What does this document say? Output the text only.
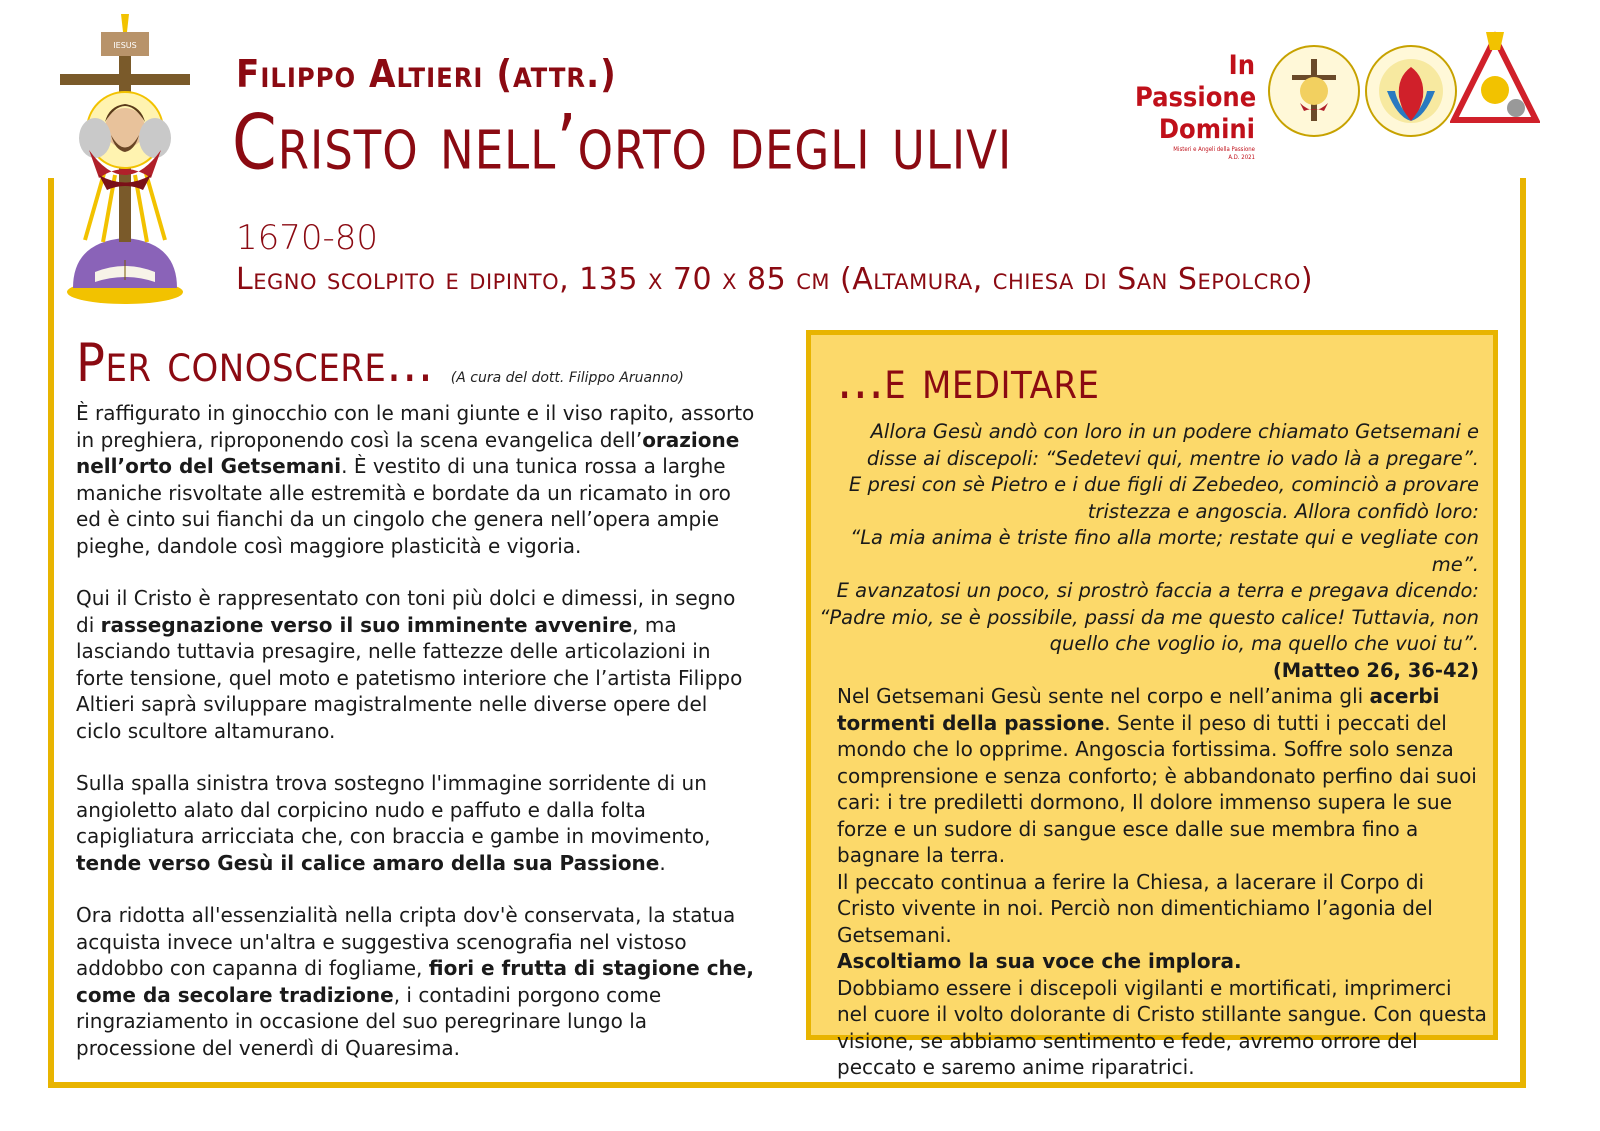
IESUS
Filippo Altieri (attr.)
Cristo nell’orto degli ulivi

1670-80

Legno scolpito e dipinto, 135 x 70 x 85 cm (Altamura, chiesa di San Sepolcro)

In Passione
Domini
Misteri e Angeli della Passione
A.D. 2021
Per conoscere... (A cura del dott. Filippo Aruanno)

È raffigurato in ginocchio con le mani giunte e il viso rapito, assorto in preghiera, riproponendo così la scena evangelica dell’orazione nell’orto del Getsemani. È vestito di una tunica rossa a larghe maniche risvoltate alle estremità e bordate da un ricamato in oro ed è cinto sui fianchi da un cingolo che genera nell’opera ampie pieghe, dandole così maggiore plasticità e vigoria.

Qui il Cristo è rappresentato con toni più dolci e dimessi, in segno di rassegnazione verso il suo imminente avvenire, ma lasciando tuttavia presagire, nelle fattezze delle articolazioni in forte tensione, quel moto e patetismo interiore che l’artista Filippo Altieri saprà sviluppare magistralmente nelle diverse opere del ciclo scultore altamurano.

Sulla spalla sinistra trova sostegno l'immagine sorridente di un angioletto alato dal corpicino nudo e paffuto e dalla folta capigliatura arricciata che, con braccia e gambe in movimento, tende verso Gesù il calice amaro della sua Passione.

Ora ridotta all'essenzialità nella cripta dov'è conservata, la statua acquista invece un'altra e suggestiva scenografia nel vistoso addobbo con capanna di fogliame, fiori e frutta di stagione che, come da secolare tradizione, i contadini porgono come ringraziamento in occasione del suo peregrinare lungo la processione del venerdì di Quaresima.

...e meditare

Allora Gesù andò con loro in un podere chiamato Getsemani e disse ai discepoli: “Sedetevi qui, mentre io vado là a pregare”.
E presi con sè Pietro e i due figli di Zebedeo, cominciò a provare tristezza e angoscia. Allora confidò loro:
“La mia anima è triste fino alla morte; restate qui e vegliate con me”.
E avanzatosi un poco, si prostrò faccia a terra e pregava dicendo:
“Padre mio, se è possibile, passi da me questo calice! Tuttavia, non quello che voglio io, ma quello che vuoi tu”.
(Matteo 26, 36-42)

Nel Getsemani Gesù sente nel corpo e nell’anima gli acerbi tormenti della passione. Sente il peso di tutti i peccati del mondo che lo opprime. Angoscia fortissima. Soffre solo senza comprensione e senza conforto; è abbandonato perfino dai suoi cari: i tre prediletti dormono, Il dolore immenso supera le sue forze e un sudore di sangue esce dalle sue membra fino a bagnare la terra.

Il peccato continua a ferire la Chiesa, a lacerare il Corpo di Cristo vivente in noi. Perciò non dimentichiamo l’agonia del Getsemani.

Ascoltiamo la sua voce che implora.

Dobbiamo essere i discepoli vigilanti e mortificati, imprimerci nel cuore il volto dolorante di Cristo stillante sangue. Con questa visione, se abbiamo sentimento e fede, avremo orrore del peccato e saremo anime riparatrici.
